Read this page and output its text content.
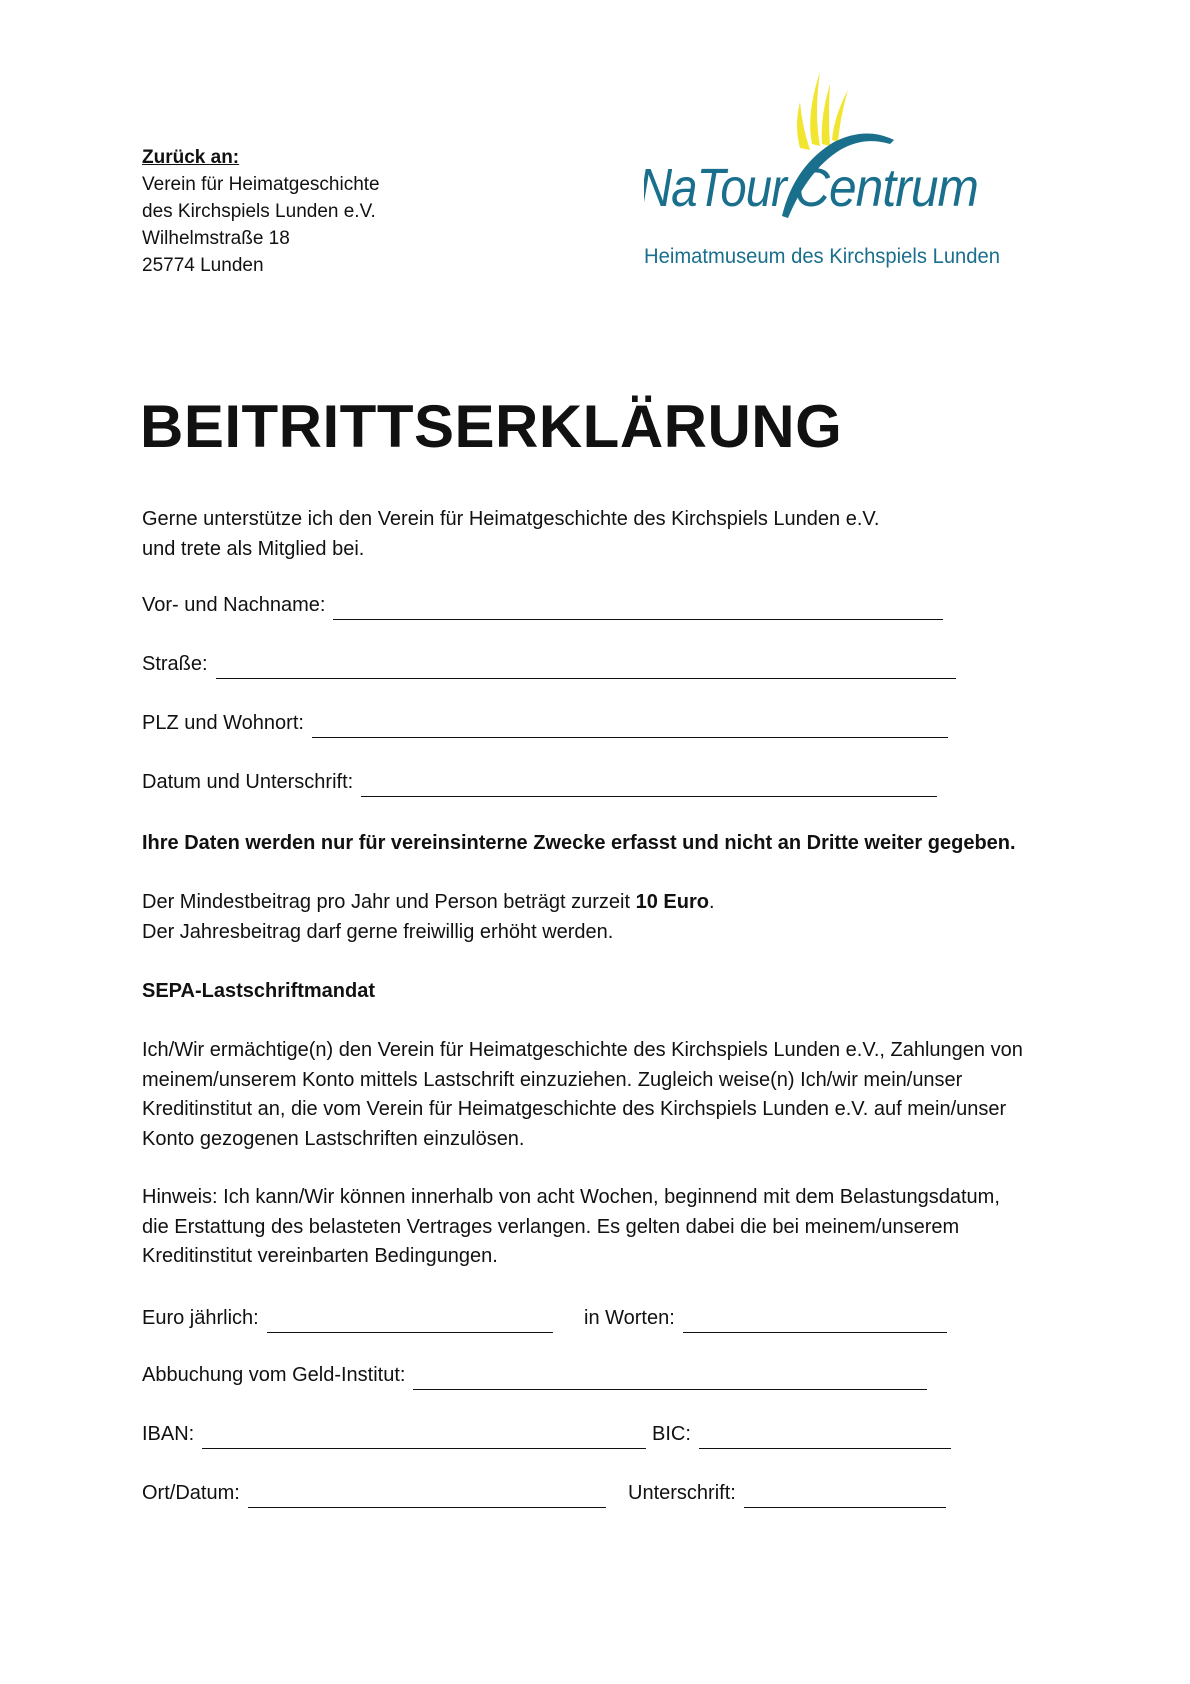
Zurück an:
Verein für Heimatgeschichte
des Kirchspiels Lunden e.V.
Wilhelmstraße 18
25774 Lunden
NaTour Centrum
Heimatmuseum des Kirchspiels Lunden
BEITRITTSERKLÄRUNG
Gerne unterstütze ich den Verein für Heimatgeschichte des Kirchspiels Lunden e.V.
und trete als Mitglied bei.
Vor- und Nachname:
Straße:
PLZ und Wohnort:
Datum und Unterschrift:
Ihre Daten werden nur für vereinsinterne Zwecke erfasst und nicht an Dritte weiter gegeben.
Der Mindestbeitrag pro Jahr und Person beträgt zurzeit 10 Euro.
Der Jahresbeitrag darf gerne freiwillig erhöht werden.
SEPA-Lastschriftmandat
Ich/Wir ermächtige(n) den Verein für Heimatgeschichte des Kirchspiels Lunden e.V., Zahlungen von
meinem/unserem Konto mittels Lastschrift einzuziehen. Zugleich weise(n) Ich/wir mein/unser
Kreditinstitut an, die vom Verein für Heimatgeschichte des Kirchspiels Lunden e.V. auf mein/unser
Konto gezogenen Lastschriften einzulösen.
Hinweis: Ich kann/Wir können innerhalb von acht Wochen, beginnend mit dem Belastungsdatum,
die Erstattung des belasteten Vertrages verlangen. Es gelten dabei die bei meinem/unserem
Kreditinstitut vereinbarten Bedingungen.
Euro jährlich:	in Worten:
Abbuchung vom Geld-Institut:
IBAN:	BIC:
Ort/Datum:	Unterschrift:
